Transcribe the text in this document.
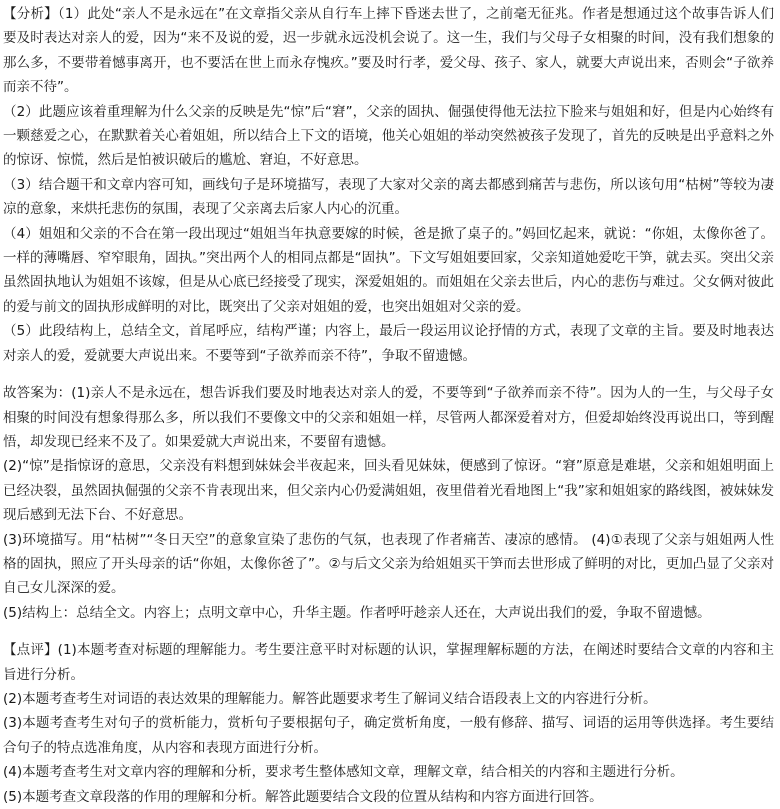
【分析】（1）此处“亲人不是永远在”在文章指父亲从自行车上摔下昏迷去世了，之前毫无征兆。作者是想通过这个故事告诉人们要及时表达对亲人的爱，因为“来不及说的爱，迟一步就永远没机会说了。这一生，我们与父母子女相聚的时间，没有我们想象的那么多，不要带着憾事离开，也不要活在世上而永存愧疚。”要及时行孝，爱父母、孩子、家人，就要大声说出来，否则会“子欲养而亲不待”。

（2）此题应该着重理解为什么父亲的反映是先“惊”后“窘”，父亲的固执、倔强使得他无法拉下脸来与姐姐和好，但是内心始终有一颗慈爱之心，在默默着关心着姐姐，所以结合上下文的语境，他关心姐姐的举动突然被孩子发现了，首先的反映是出乎意料之外的惊讶、惊慌，然后是怕被识破后的尴尬、窘迫，不好意思。

（3）结合题干和文章内容可知，画线句子是环境描写，表现了大家对父亲的离去都感到痛苦与悲伤，所以该句用“枯树”等较为凄凉的意象，来烘托悲伤的氛围，表现了父亲离去后家人内心的沉重。

（4）姐姐和父亲的不合在第一段出现过“姐姐当年执意要嫁的时候，爸是掀了桌子的。”妈回忆起来，就说：“你姐，太像你爸了。一样的薄嘴唇、窄窄眼角，固执。”突出两个人的相同点都是“固执”。下文写姐姐要回家，父亲知道她爱吃干笋，就去买。突出父亲虽然固执地认为姐姐不该嫁，但是从心底已经接受了现实，深爱姐姐的。而姐姐在父亲去世后，内心的悲伤与难过。父女俩对彼此的爱与前文的固执形成鲜明的对比，既突出了父亲对姐姐的爱，也突出姐姐对父亲的爱。

（5）此段结构上，总结全文，首尾呼应，结构严谨；内容上，最后一段运用议论抒情的方式，表现了文章的主旨。要及时地表达对亲人的爱，爱就要大声说出来。不要等到“子欲养而亲不待”，争取不留遗憾。

故答案为：(1)亲人不是永远在，想告诉我们要及时地表达对亲人的爱，不要等到“子欲养而亲不待”。因为人的一生，与父母子女相聚的时间没有想象得那么多，所以我们不要像文中的父亲和姐姐一样，尽管两人都深爱着对方，但爱却始终没再说出口，等到醒悟，却发现已经来不及了。如果爱就大声说出来，不要留有遗憾。

(2)“惊”是指惊讶的意思，父亲没有料想到妹妹会半夜起来，回头看见妹妹，便感到了惊讶。“窘”原意是难堪，父亲和姐姐明面上已经决裂，虽然固执倔强的父亲不肯表现出来，但父亲内心仍爱满姐姐，夜里借着光看地图上“我”家和姐姐家的路线图，被妹妹发现后感到无法下台、不好意思。

(3)环境描写。用“枯树”“冬日天空”的意象宣染了悲伤的气氛，也表现了作者痛苦、凄凉的感情。 (4)①表现了父亲与姐姐两人性格的固执，照应了开头母亲的话“你姐，太像你爸了”。②与后文父亲为给姐姐买干笋而去世形成了鲜明的对比，更加凸显了父亲对自己女儿深深的爱。

(5)结构上：总结全文。内容上；点明文章中心，升华主题。作者呼吁趁亲人还在，大声说出我们的爱，争取不留遗憾。

【点评】(1)本题考查对标题的理解能力。考生要注意平时对标题的认识，掌握理解标题的方法，在阐述时要结合文章的内容和主旨进行分析。

(2)本题考查考生对词语的表达效果的理解能力。解答此题要求考生了解词义结合语段表上文的内容进行分析。

(3)本题考查考生对句子的赏析能力，赏析句子要根据句子，确定赏析角度，一般有修辞、描写、词语的运用等供选择。考生要结合句子的特点选准角度，从内容和表现方面进行分析。

(4)本题考查考生对文章内容的理解和分析，要求考生整体感知文章，理解文章，结合相关的内容和主题进行分析。

(5)本题考查文章段落的作用的理解和分析。解答此题要结合文段的位置从结构和内容方面进行回答。
